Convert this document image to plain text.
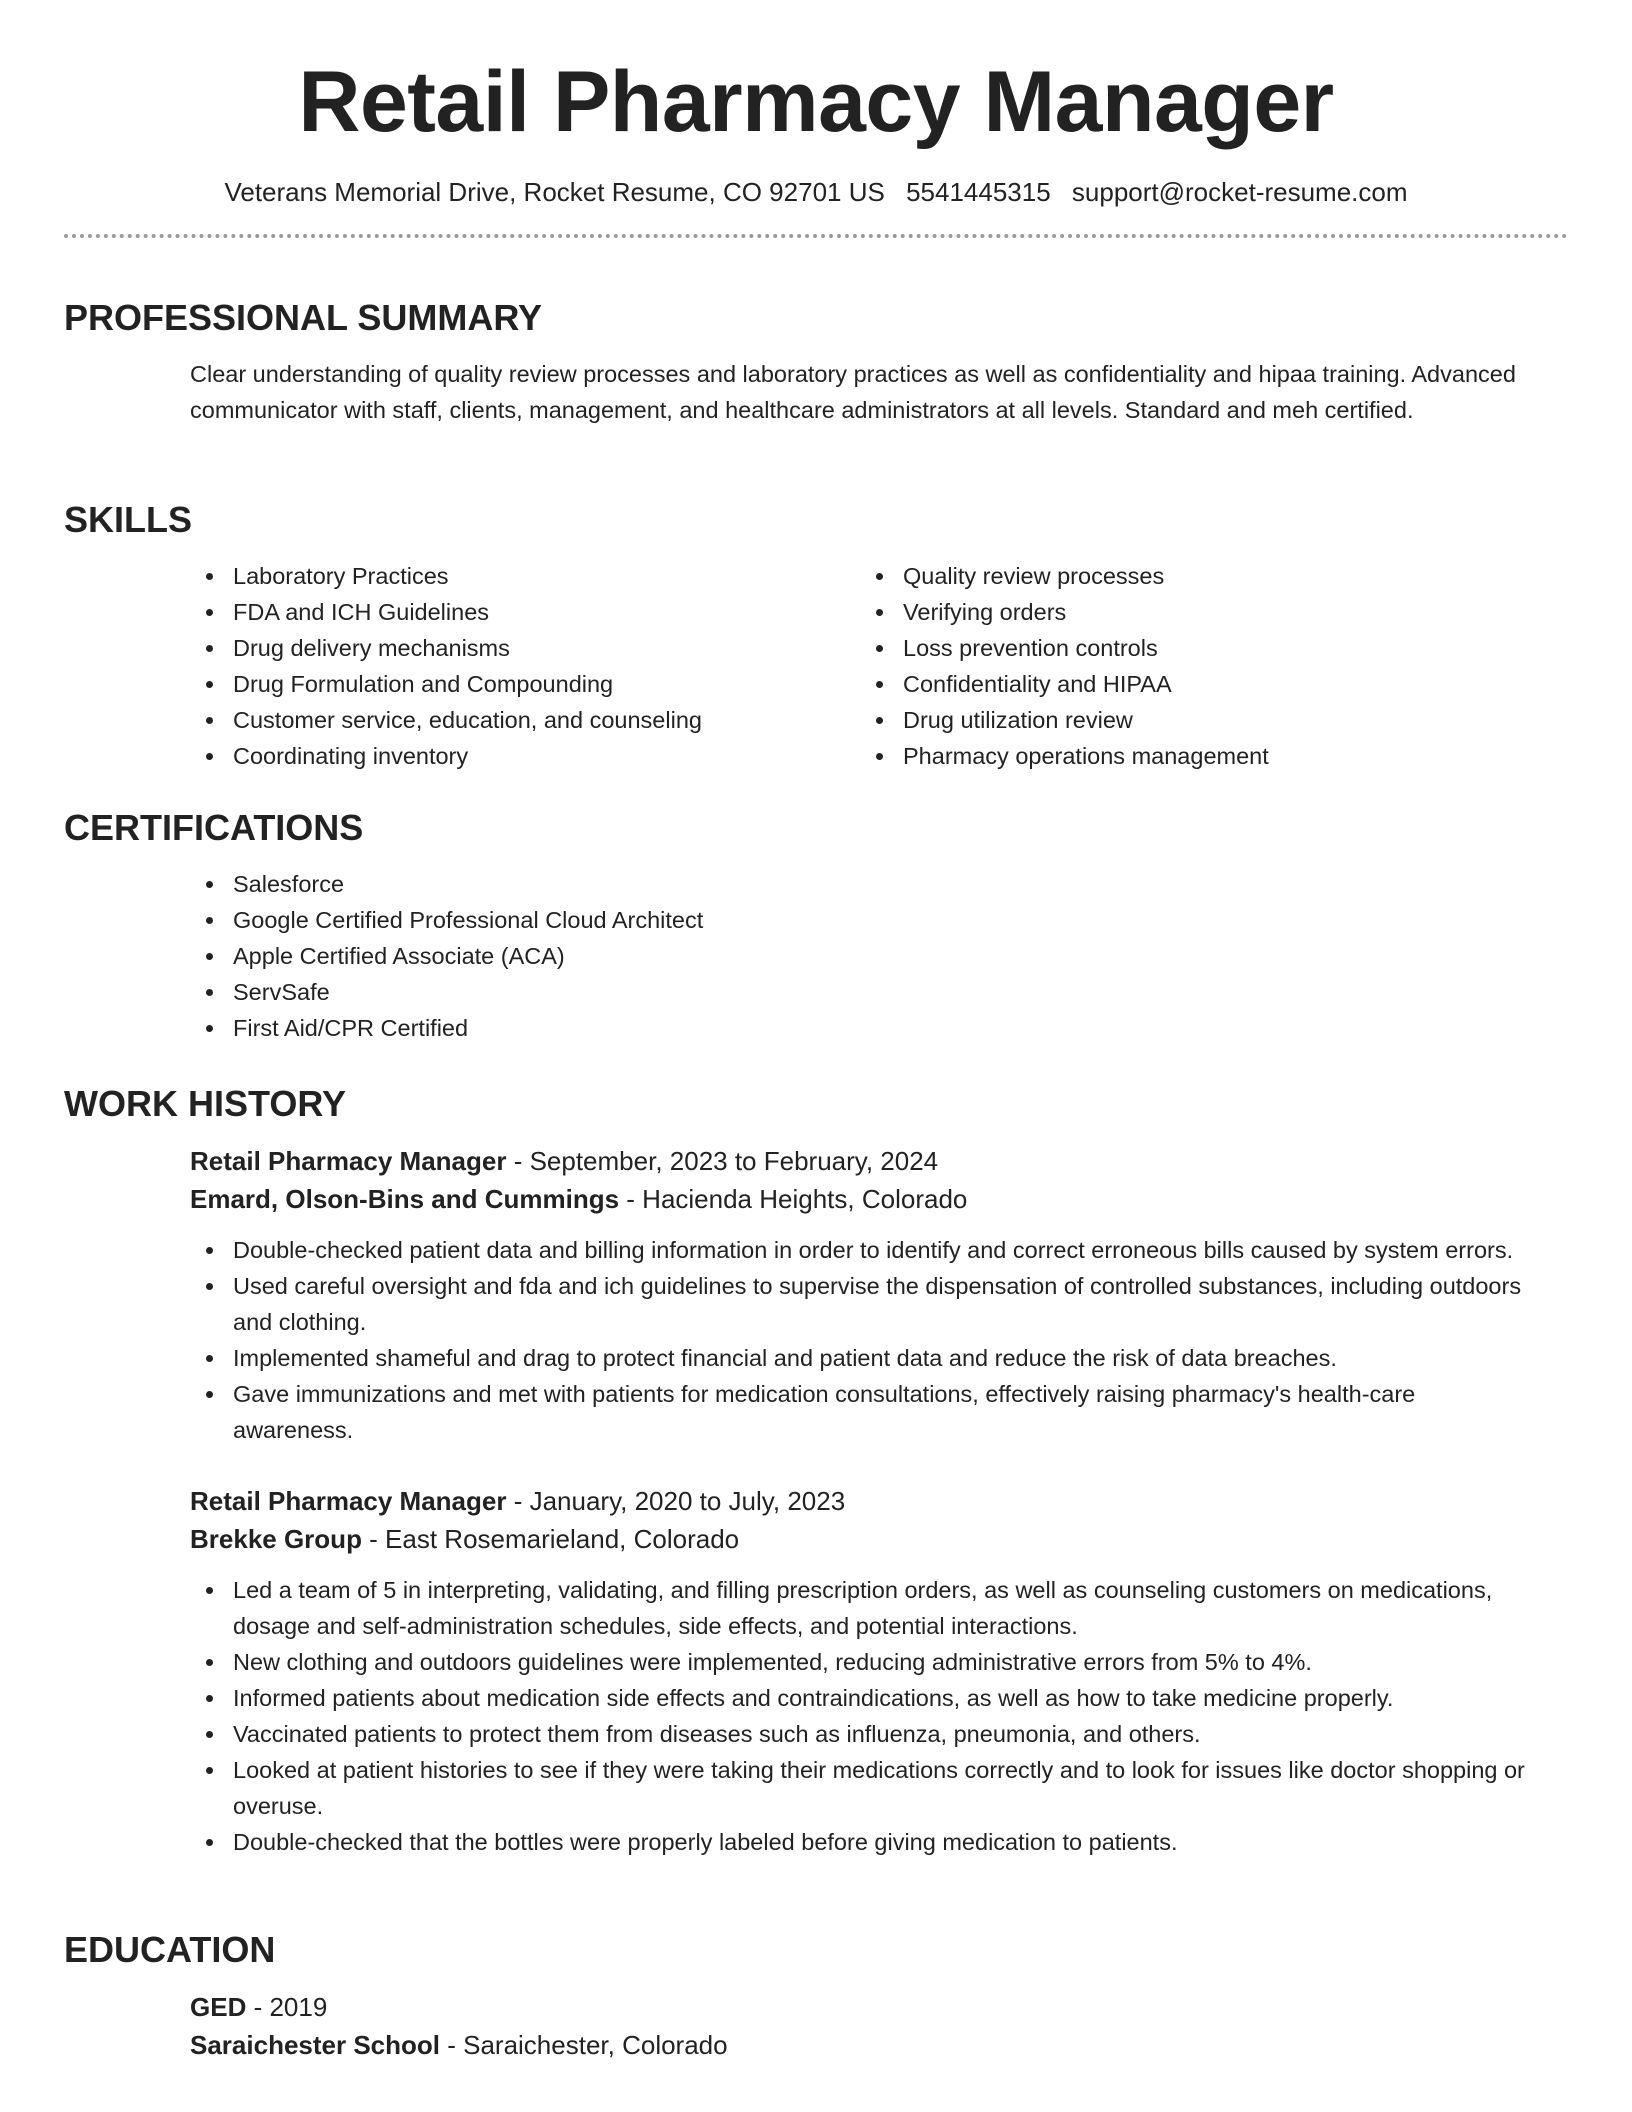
Retail Pharmacy Manager
Veterans Memorial Drive, Rocket Resume, CO 92701 US 5541445315 support@rocket-resume.com
PROFESSIONAL SUMMARY

Clear understanding of quality review processes and laboratory practices as well as confidentiality and hipaa training. Advanced communicator with staff, clients, management, and healthcare administrators at all levels. Standard and meh certified.

SKILLS
Laboratory Practices
FDA and ICH Guidelines
Drug delivery mechanisms
Drug Formulation and Compounding
Customer service, education, and counseling
Coordinating inventory
Quality review processes
Verifying orders
Loss prevention controls
Confidentiality and HIPAA
Drug utilization review
Pharmacy operations management
CERTIFICATIONS
Salesforce
Google Certified Professional Cloud Architect
Apple Certified Associate (ACA)
ServSafe
First Aid/CPR Certified
WORK HISTORY
Retail Pharmacy Manager - September, 2023 to February, 2024
Emard, Olson-Bins and Cummings - Hacienda Heights, Colorado
Double-checked patient data and billing information in order to identify and correct erroneous bills caused by system errors.
Used careful oversight and fda and ich guidelines to supervise the dispensation of controlled substances, including outdoors and clothing.
Implemented shameful and drag to protect financial and patient data and reduce the risk of data breaches.
Gave immunizations and met with patients for medication consultations, effectively raising pharmacy's health-care awareness.
Retail Pharmacy Manager - January, 2020 to July, 2023
Brekke Group - East Rosemarieland, Colorado
Led a team of 5 in interpreting, validating, and filling prescription orders, as well as counseling customers on medications, dosage and self-administration schedules, side effects, and potential interactions.
New clothing and outdoors guidelines were implemented, reducing administrative errors from 5% to 4%.
Informed patients about medication side effects and contraindications, as well as how to take medicine properly.
Vaccinated patients to protect them from diseases such as influenza, pneumonia, and others.
Looked at patient histories to see if they were taking their medications correctly and to look for issues like doctor shopping or overuse.
Double-checked that the bottles were properly labeled before giving medication to patients.
EDUCATION
GED - 2019
Saraichester School - Saraichester, Colorado
